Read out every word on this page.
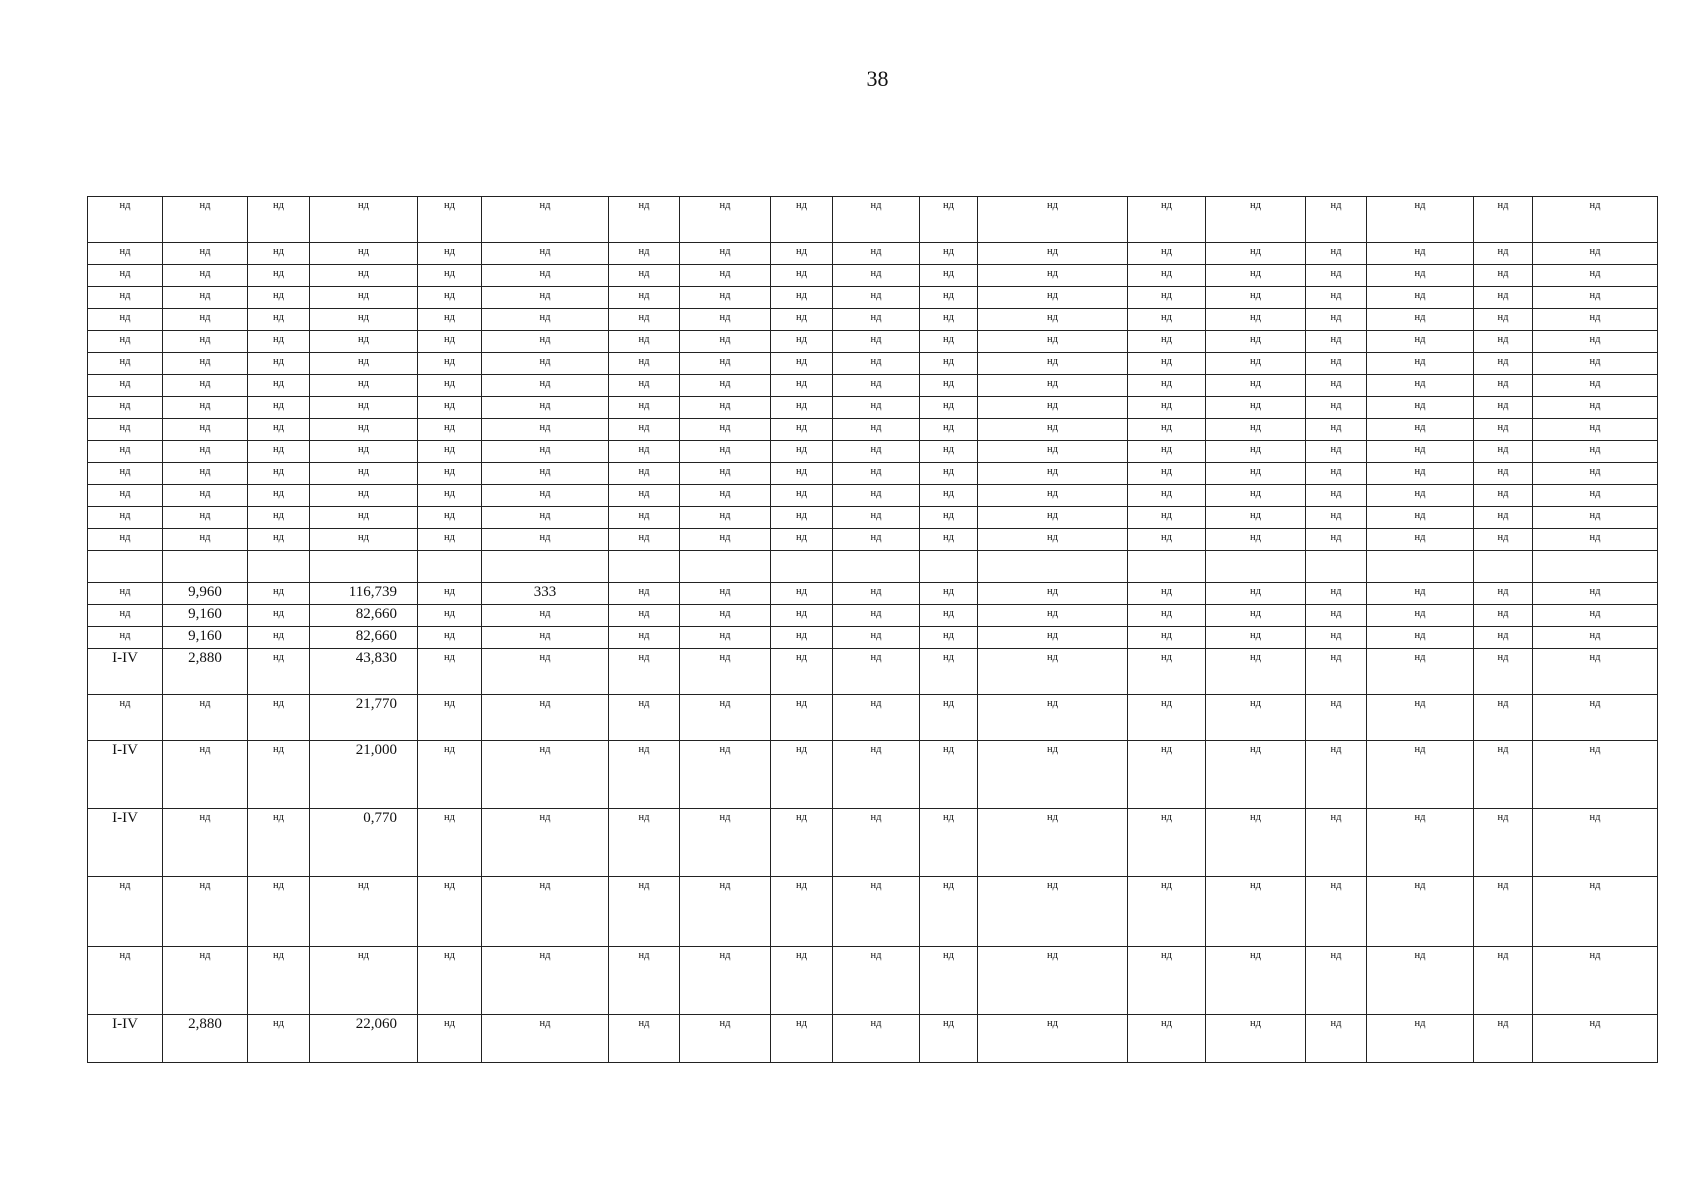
38
нд	нд	нд	нд	нд	нд	нд	нд	нд	нд	нд	нд	нд	нд	нд	нд	нд	нд
нд	нд	нд	нд	нд	нд	нд	нд	нд	нд	нд	нд	нд	нд	нд	нд	нд	нд
нд	нд	нд	нд	нд	нд	нд	нд	нд	нд	нд	нд	нд	нд	нд	нд	нд	нд
нд	нд	нд	нд	нд	нд	нд	нд	нд	нд	нд	нд	нд	нд	нд	нд	нд	нд
нд	нд	нд	нд	нд	нд	нд	нд	нд	нд	нд	нд	нд	нд	нд	нд	нд	нд
нд	нд	нд	нд	нд	нд	нд	нд	нд	нд	нд	нд	нд	нд	нд	нд	нд	нд
нд	нд	нд	нд	нд	нд	нд	нд	нд	нд	нд	нд	нд	нд	нд	нд	нд	нд
нд	нд	нд	нд	нд	нд	нд	нд	нд	нд	нд	нд	нд	нд	нд	нд	нд	нд
нд	нд	нд	нд	нд	нд	нд	нд	нд	нд	нд	нд	нд	нд	нд	нд	нд	нд
нд	нд	нд	нд	нд	нд	нд	нд	нд	нд	нд	нд	нд	нд	нд	нд	нд	нд
нд	нд	нд	нд	нд	нд	нд	нд	нд	нд	нд	нд	нд	нд	нд	нд	нд	нд
нд	нд	нд	нд	нд	нд	нд	нд	нд	нд	нд	нд	нд	нд	нд	нд	нд	нд
нд	нд	нд	нд	нд	нд	нд	нд	нд	нд	нд	нд	нд	нд	нд	нд	нд	нд
нд	нд	нд	нд	нд	нд	нд	нд	нд	нд	нд	нд	нд	нд	нд	нд	нд	нд
нд	нд	нд	нд	нд	нд	нд	нд	нд	нд	нд	нд	нд	нд	нд	нд	нд	нд

нд	9,960	нд	116,739	нд	333	нд	нд	нд	нд	нд	нд	нд	нд	нд	нд	нд	нд
нд	9,160	нд	82,660	нд	нд	нд	нд	нд	нд	нд	нд	нд	нд	нд	нд	нд	нд
нд	9,160	нд	82,660	нд	нд	нд	нд	нд	нд	нд	нд	нд	нд	нд	нд	нд	нд
I-IV	2,880	нд	43,830	нд	нд	нд	нд	нд	нд	нд	нд	нд	нд	нд	нд	нд	нд
нд	нд	нд	21,770	нд	нд	нд	нд	нд	нд	нд	нд	нд	нд	нд	нд	нд	нд
I-IV	нд	нд	21,000	нд	нд	нд	нд	нд	нд	нд	нд	нд	нд	нд	нд	нд	нд
I-IV	нд	нд	0,770	нд	нд	нд	нд	нд	нд	нд	нд	нд	нд	нд	нд	нд	нд
нд	нд	нд	нд	нд	нд	нд	нд	нд	нд	нд	нд	нд	нд	нд	нд	нд	нд
нд	нд	нд	нд	нд	нд	нд	нд	нд	нд	нд	нд	нд	нд	нд	нд	нд	нд
I-IV	2,880	нд	22,060	нд	нд	нд	нд	нд	нд	нд	нд	нд	нд	нд	нд	нд	нд
